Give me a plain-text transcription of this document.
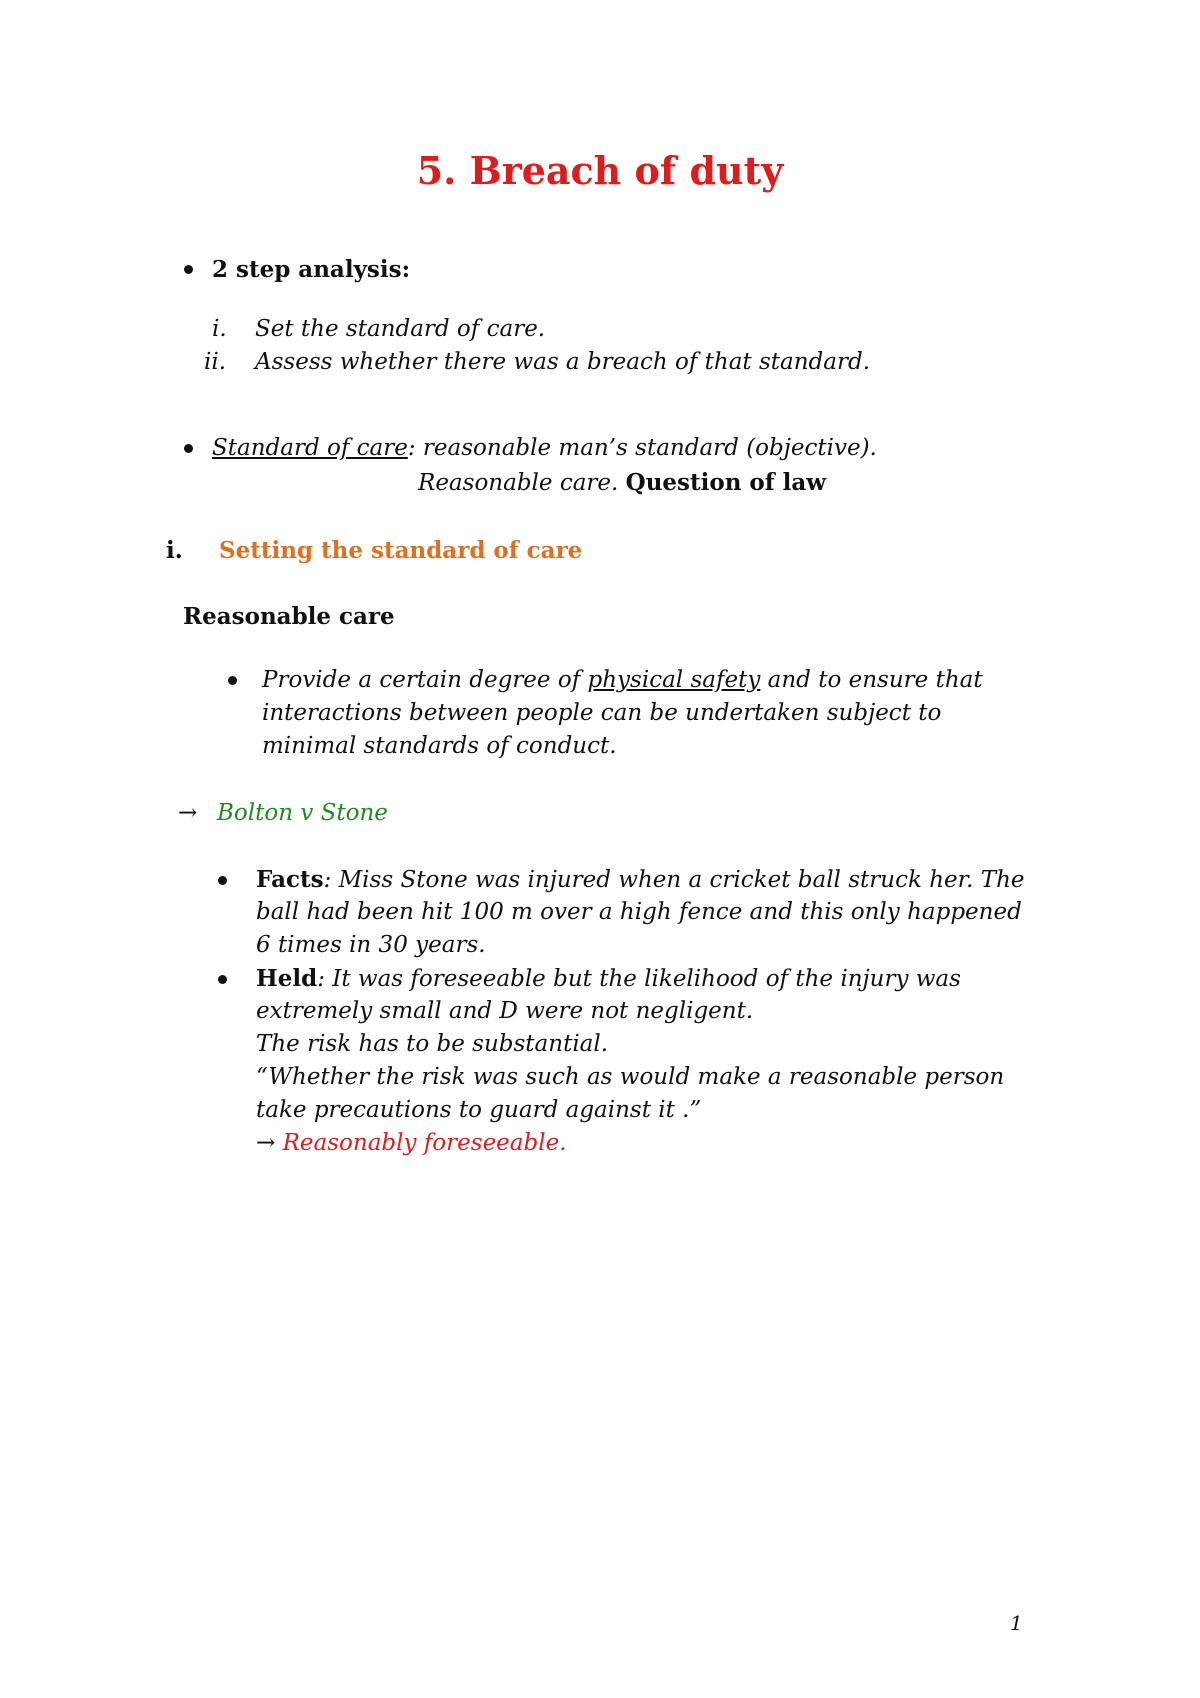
5. Breach of duty
2 step analysis:
i. Set the standard of care.
ii. Assess whether there was a breach of that standard.
Standard of care: reasonable man’s standard (objective).
Reasonable care. Question of law
i. Setting the standard of care
Reasonable care
Provide a certain degree of physical safety and to ensure that
interactions between people can be undertaken subject to
minimal standards of conduct.
→ Bolton v Stone
Facts: Miss Stone was injured when a cricket ball struck her. The
ball had been hit 100 m over a high fence and this only happened
6 times in 30 years.
Held: It was foreseeable but the likelihood of the injury was
extremely small and D were not negligent.
The risk has to be substantial.
“Whether the risk was such as would make a reasonable person
take precautions to guard against it .”
→ Reasonably foreseeable.
1
